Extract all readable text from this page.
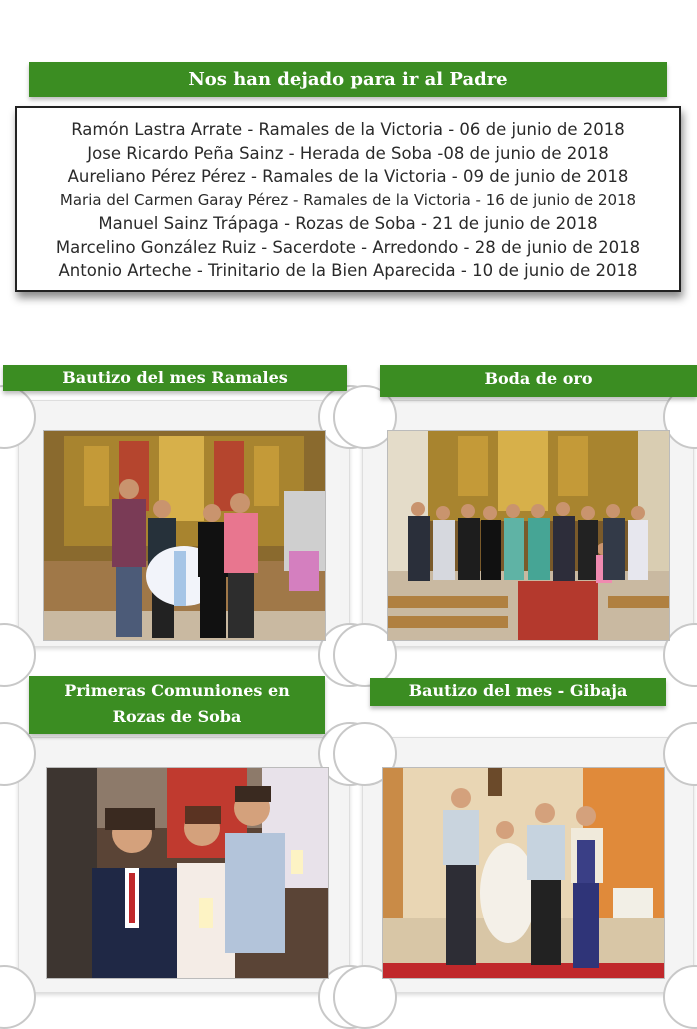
Nos han dejado para ir al Padre
Ramón Lastra Arrate - Ramales de la Victoria - 06 de junio de 2018
Jose Ricardo Peña Sainz - Herada de Soba -08 de junio de 2018
Aureliano Pérez Pérez - Ramales de la Victoria - 09 de junio de 2018
Maria del Carmen Garay Pérez - Ramales de la Victoria - 16 de junio de 2018
Manuel Sainz Trápaga - Rozas de Soba - 21 de junio de 2018
Marcelino González Ruiz - Sacerdote - Arredondo - 28 de junio de 2018
Antonio Arteche - Trinitario de la Bien Aparecida - 10 de junio de 2018
Bautizo del mes Ramales	Boda de oro
Primeras Comuniones en
Rozas de Soba
Bautizo del mes - Gibaja
